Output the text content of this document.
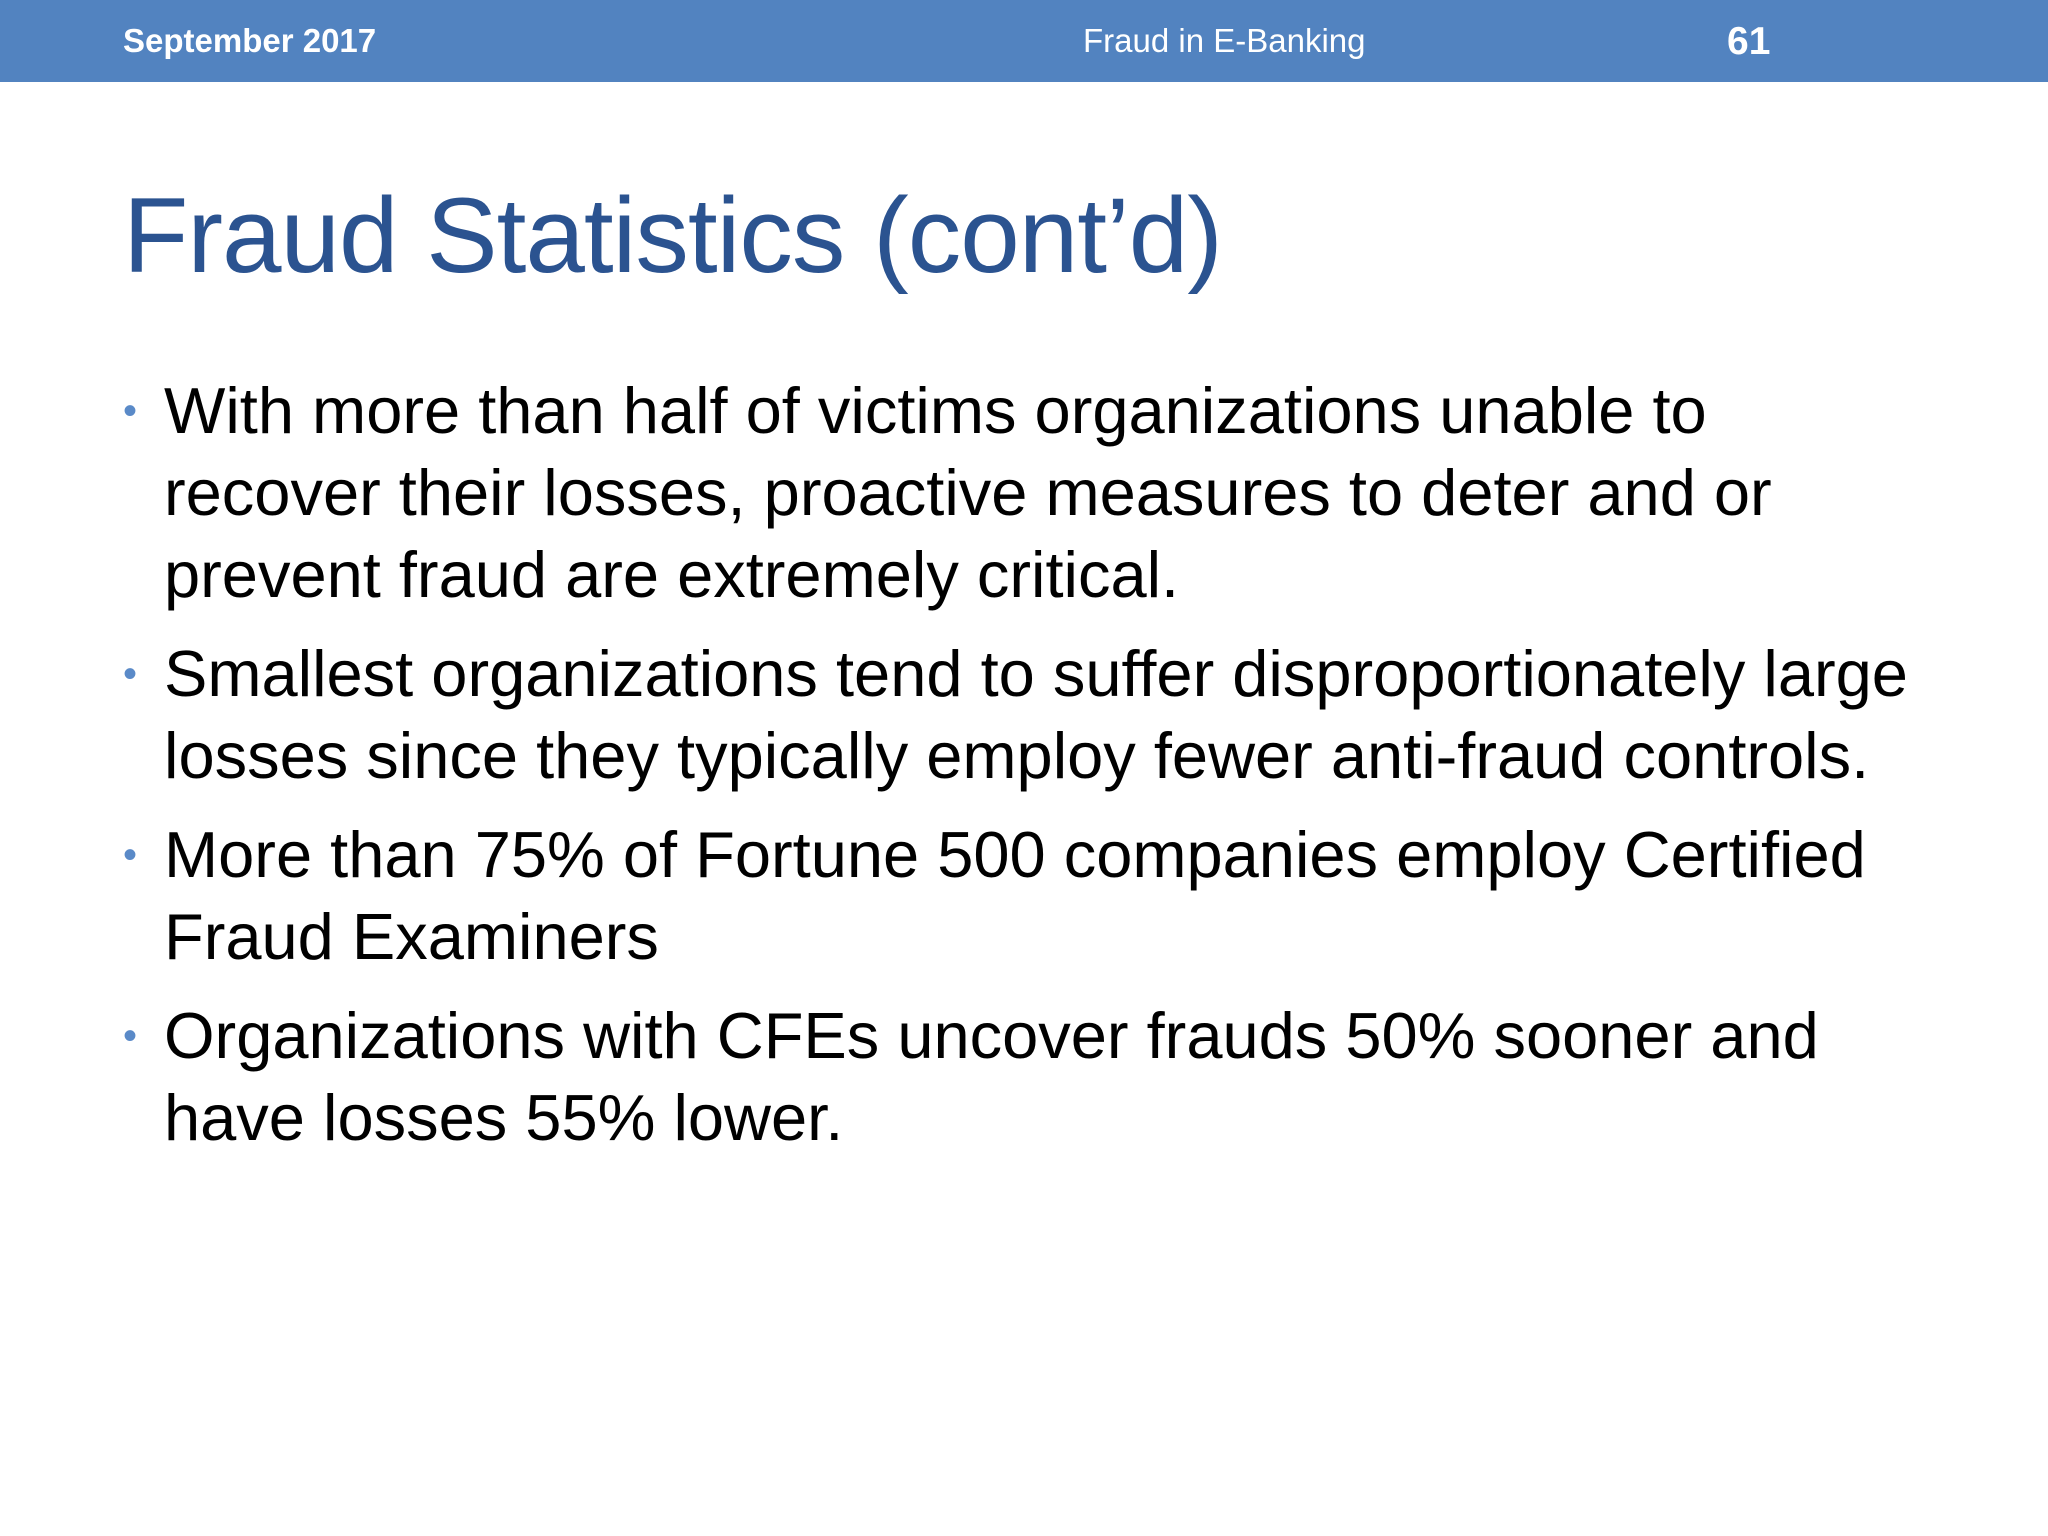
September 2017	Fraud in E-Banking	61
Fraud Statistics (cont’d)
• With more than half of victims organizations unable to recover their losses, proactive measures to deter and or prevent fraud are extremely critical.
• Smallest organizations tend to suffer disproportionately large losses since they typically employ fewer anti-fraud controls.
• More than 75% of Fortune 500 companies employ Certified Fraud Examiners
• Organizations with CFEs uncover frauds 50% sooner and have losses 55% lower.
